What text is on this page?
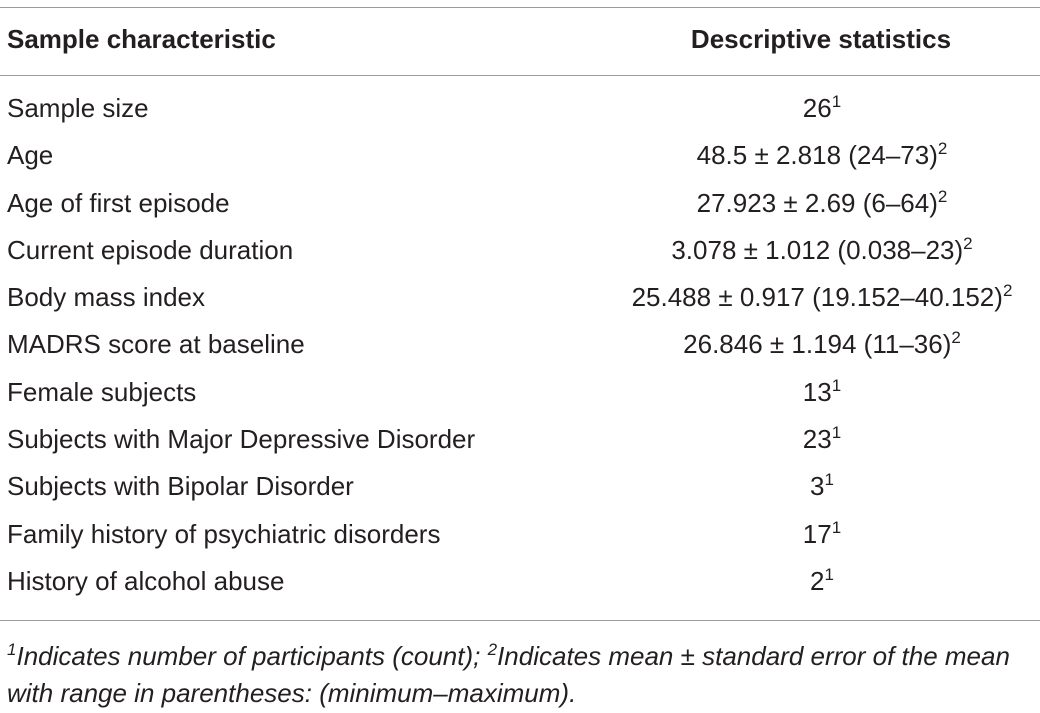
Sample characteristic	Descriptive statistics
Sample size	$26^1$
Age	48.5 ± 2.818 $(24-73)^2$
Age of first episode	27.923 ± 2.69 $(6-64)^2$
Current episode duration	3.078 ± 1.012 $(0.038-23)^2$
Body mass index	25.488 ± 0.917 $(19.152-40.152)^2$
MADRS score at baseline	26.846 ± 1.194 $(11-36)^2$
Female subjects	$13^1$
Subjects with Major Depressive Disorder	$23^1$
Subjects with Bipolar Disorder	$3^1$
Family history of psychiatric disorders	$17^1$
History of alcohol abuse	$2^1$
$^1$Indicates number of participants (count); $^2$Indicates mean ± standard error of the mean with range in parentheses: (minimum–maximum).
